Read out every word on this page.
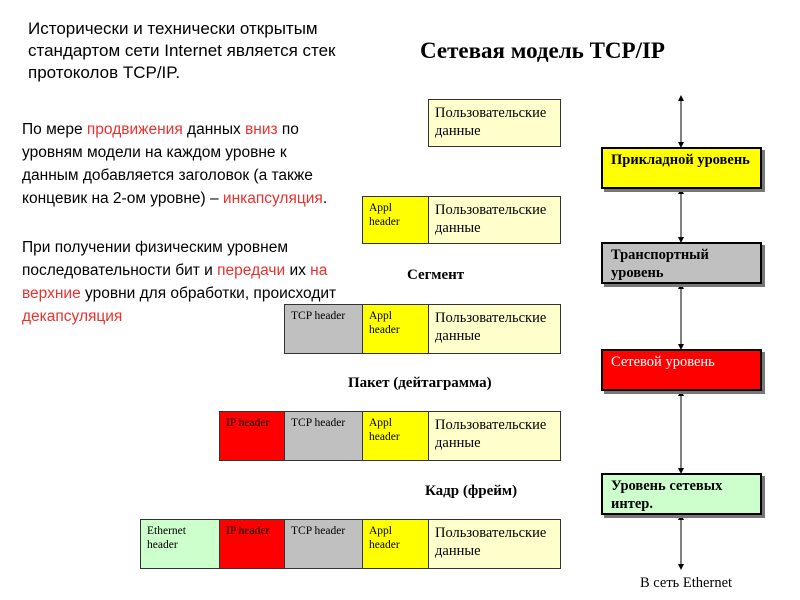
Исторически и технически открытым стандартом сети Internet является стек протоколов TCP/IP.
Сетевая модель TCP/IP
По мере продвижения данных вниз по уровням модели на каждом уровне к данным добавляется заголовок (а также концевик на 2-ом уровне) – инкапсуляция.
При получении физическим уровнем последовательности бит и передачи их на верхние уровни для обработки, происходит декапсуляция
Пользовательские данные
Appl header
Пользовательские данные
Сегмент
TCP header	Appl header
Пользовательские данные
Пакет (дейтаграмма)
IP header	TCP header	Appl header
Пользовательские данные
Кадр (фрейм)
Ethernet header
IP header	TCP header	Appl header
Пользовательские данные
Прикладной уровень
Транспортный уровень
Сетевой уровень
Уровень сетевых интер.
В сеть Ethernet
